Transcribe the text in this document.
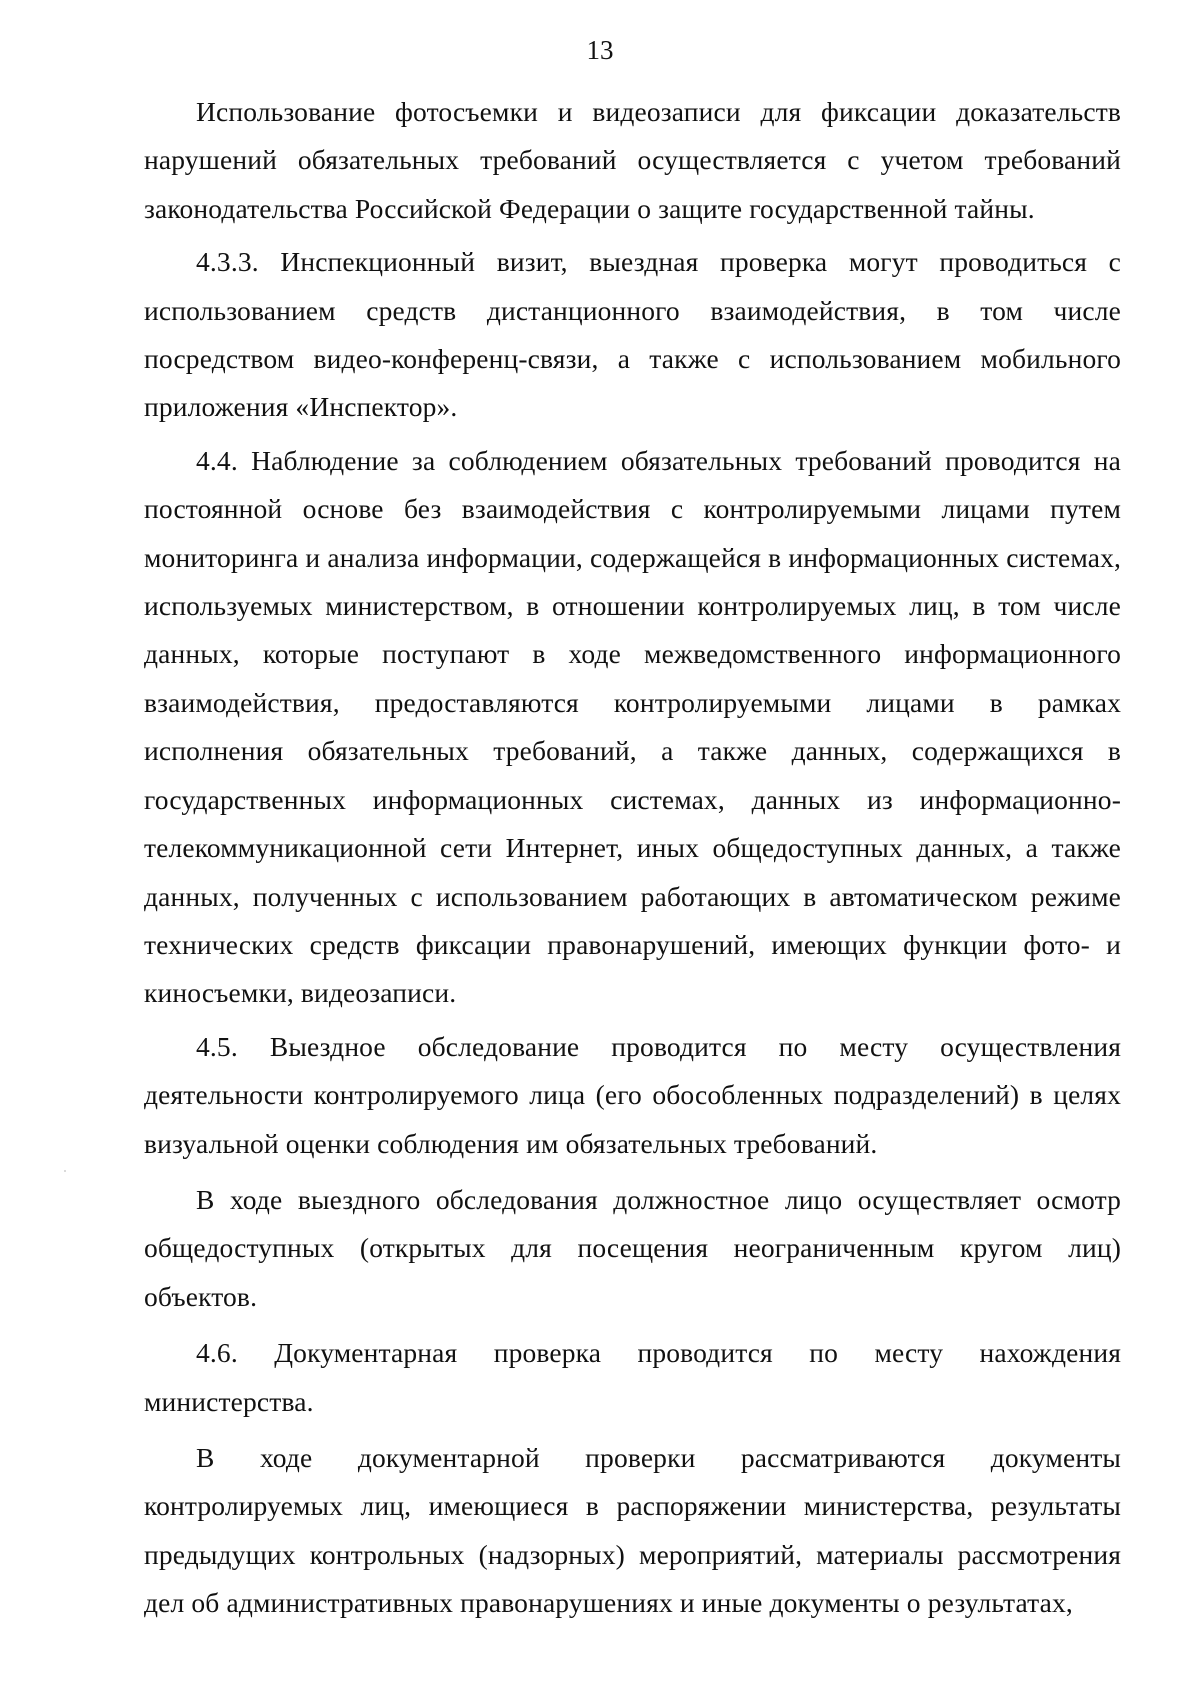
13

Использование фотосъемки и видеозаписи для фиксации доказательств нарушений обязательных требований осуществляется с учетом требований законодательства Российской Федерации о защите государственной тайны.

4.3.3. Инспекционный визит, выездная проверка могут проводиться с использованием средств дистанционного взаимодействия, в том числе посредством видео-конференц-связи, а также с использованием мобильного приложения «Инспектор».

4.4. Наблюдение за соблюдением обязательных требований проводится на постоянной основе без взаимодействия с контролируемыми лицами путем мониторинга и анализа информации, содержащейся в информационных системах, используемых министерством, в отношении контролируемых лиц, в том числе данных, которые поступают в ходе межведомственного информационного взаимодействия, предоставляются контролируемыми лицами в рамках исполнения обязательных требований, а также данных, содержащихся в государственных информационных системах, данных из информационно-телекоммуникационной сети Интернет, иных общедоступных данных, а также данных, полученных с использованием работающих в автоматическом режиме технических средств фиксации правонарушений, имеющих функции фото- и киносъемки, видеозаписи.

4.5. Выездное обследование проводится по месту осуществления деятельности контролируемого лица (его обособленных подразделений) в целях визуальной оценки соблюдения им обязательных требований.

В ходе выездного обследования должностное лицо осуществляет осмотр общедоступных (открытых для посещения неограниченным кругом лиц) объектов.

4.6. Документарная проверка проводится по месту нахождения министерства.

В ходе документарной проверки рассматриваются документы контролируемых лиц, имеющиеся в распоряжении министерства, результаты предыдущих контрольных (надзорных) мероприятий, материалы рассмотрения дел об административных правонарушениях и иные документы о результатах,
